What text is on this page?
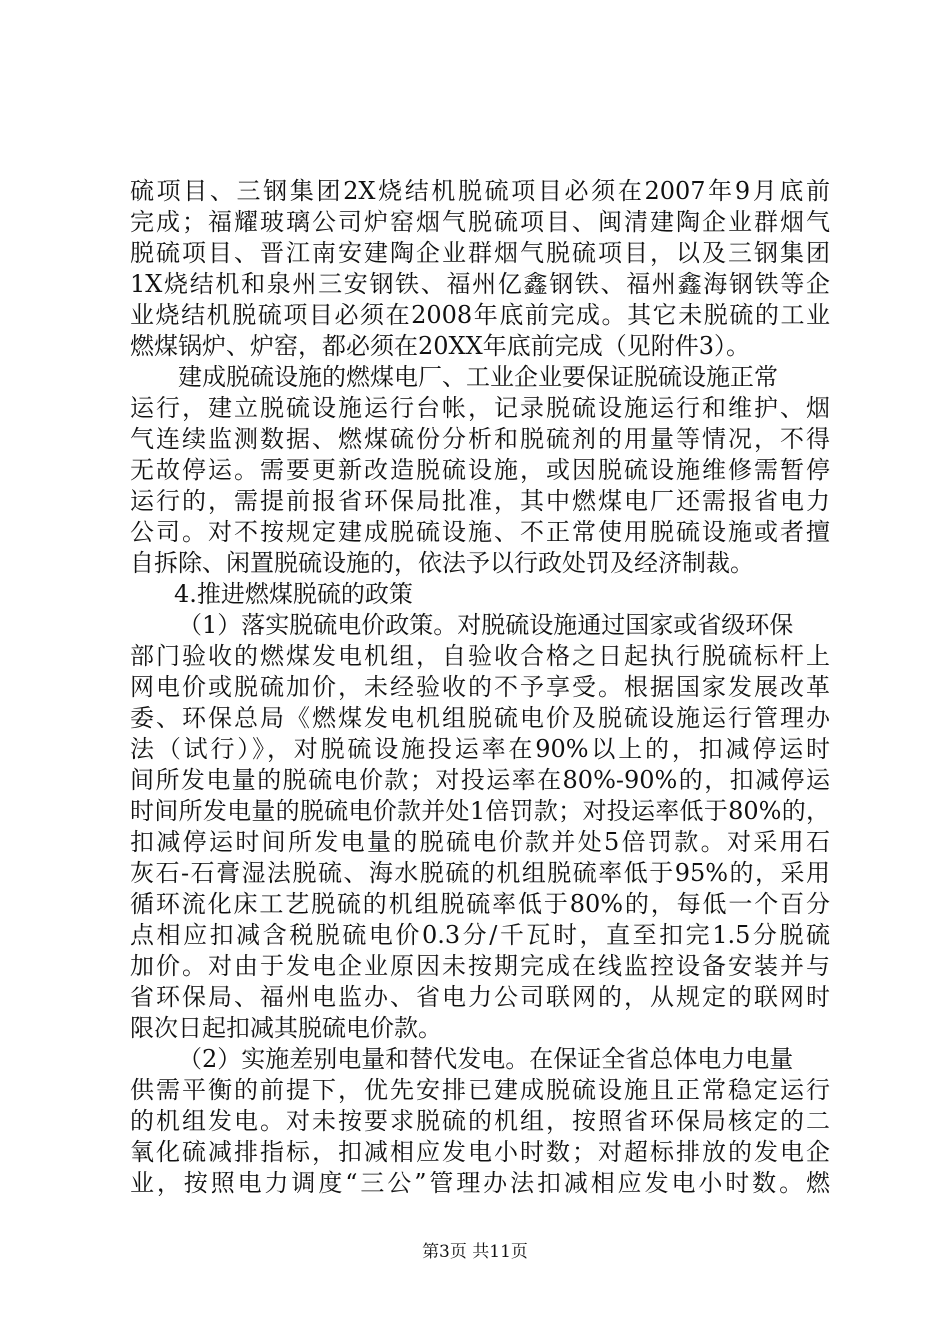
硫项目、三钢集团2X烧结机脱硫项目必须在2007年9月底前
完成；福耀玻璃公司炉窑烟气脱硫项目、闽清建陶企业群烟气
脱硫项目、晋江南安建陶企业群烟气脱硫项目，以及三钢集团
1X烧结机和泉州三安钢铁、福州亿鑫钢铁、福州鑫海钢铁等企
业烧结机脱硫项目必须在2008年底前完成。其它未脱硫的工业
燃煤锅炉、炉窑，都必须在20XX年底前完成（见附件3）。
建成脱硫设施的燃煤电厂、工业企业要保证脱硫设施正常
运行，建立脱硫设施运行台帐，记录脱硫设施运行和维护、烟
气连续监测数据、燃煤硫份分析和脱硫剂的用量等情况，不得
无故停运。需要更新改造脱硫设施，或因脱硫设施维修需暂停
运行的，需提前报省环保局批准，其中燃煤电厂还需报省电力
公司。对不按规定建成脱硫设施、不正常使用脱硫设施或者擅
自拆除、闲置脱硫设施的，依法予以行政处罚及经济制裁。
4.推进燃煤脱硫的政策
（1）落实脱硫电价政策。对脱硫设施通过国家或省级环保
部门验收的燃煤发电机组，自验收合格之日起执行脱硫标杆上
网电价或脱硫加价，未经验收的不予享受。根据国家发展改革
委、环保总局《燃煤发电机组脱硫电价及脱硫设施运行管理办
法（试行）》，对脱硫设施投运率在90%以上的，扣减停运时
间所发电量的脱硫电价款；对投运率在80%-90%的，扣减停运
时间所发电量的脱硫电价款并处1倍罚款；对投运率低于80%的，
扣减停运时间所发电量的脱硫电价款并处5倍罚款。对采用石
灰石-石膏湿法脱硫、海水脱硫的机组脱硫率低于95%的，采用
循环流化床工艺脱硫的机组脱硫率低于80%的，每低一个百分
点相应扣减含税脱硫电价0.3分/千瓦时，直至扣完1.5分脱硫
加价。对由于发电企业原因未按期完成在线监控设备安装并与
省环保局、福州电监办、省电力公司联网的，从规定的联网时
限次日起扣减其脱硫电价款。
（2）实施差别电量和替代发电。在保证全省总体电力电量
供需平衡的前提下，优先安排已建成脱硫设施且正常稳定运行
的机组发电。对未按要求脱硫的机组，按照省环保局核定的二
氧化硫减排指标，扣减相应发电小时数；对超标排放的发电企
业，按照电力调度“三公”管理办法扣减相应发电小时数。燃
第3页 共11页
